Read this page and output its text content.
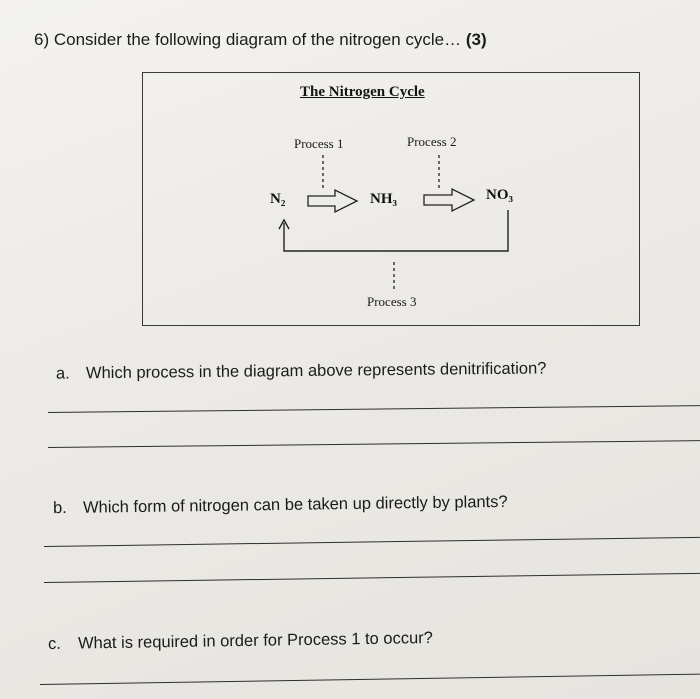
6) Consider the following diagram of the nitrogen cycle… (3)
The Nitrogen Cycle
Process 1	Process 2
Process 3
N₂	NH₃	NO₃
a. Which process in the diagram above represents denitrification?
b. Which form of nitrogen can be taken up directly by plants?
c. What is required in order for Process 1 to occur?
